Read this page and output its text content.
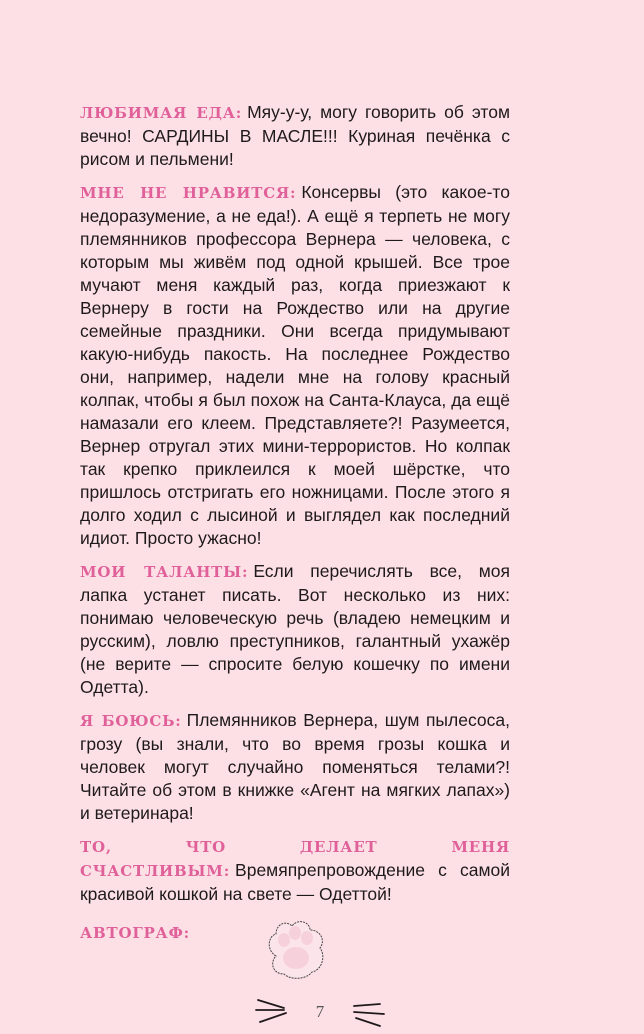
ЛЮБИМАЯ ЕДА: Мяу-у-у, могу говорить об этом вечно! САРДИНЫ В МАСЛЕ!!! Куриная печёнка с рисом и пельмени!

МНЕ НЕ НРАВИТСЯ: Консервы (это какое-то недоразумение, а не еда!). А ещё я терпеть не могу племянников профессора Вернера — человека, с которым мы живём под одной крышей. Все трое мучают меня каждый раз, когда приезжают к Вернеру в гости на Рождество или на другие семейные праздники. Они всегда придумывают какую-нибудь пакость. На последнее Рождество они, например, надели мне на голову красный колпак, чтобы я был похож на Санта-Клауса, да ещё намазали его клеем. Представляете?! Разумеется, Вернер отругал этих мини-террористов. Но колпак так крепко приклеился к моей шёрстке, что пришлось отстригать его ножницами. После этого я долго ходил с лысиной и выглядел как последний идиот. Просто ужасно!

МОИ ТАЛАНТЫ: Если перечислять все, моя лапка устанет писать. Вот несколько из них: понимаю человеческую речь (владею немецким и русским), ловлю преступников, галантный ухажёр (не верите — спросите белую кошечку по имени Одетта).

Я БОЮСЬ: Племянников Вернера, шум пылесоса, грозу (вы знали, что во время грозы кошка и человек могут случайно поменяться телами?! Читайте об этом в книжке «Агент на мягких лапах») и ветеринара!

ТО, ЧТО ДЕЛАЕТ МЕНЯ СЧАСТЛИВЫМ: Времяпрепровождение с самой красивой кошкой на свете — Одеттой!

АВТОГРАФ:
7
